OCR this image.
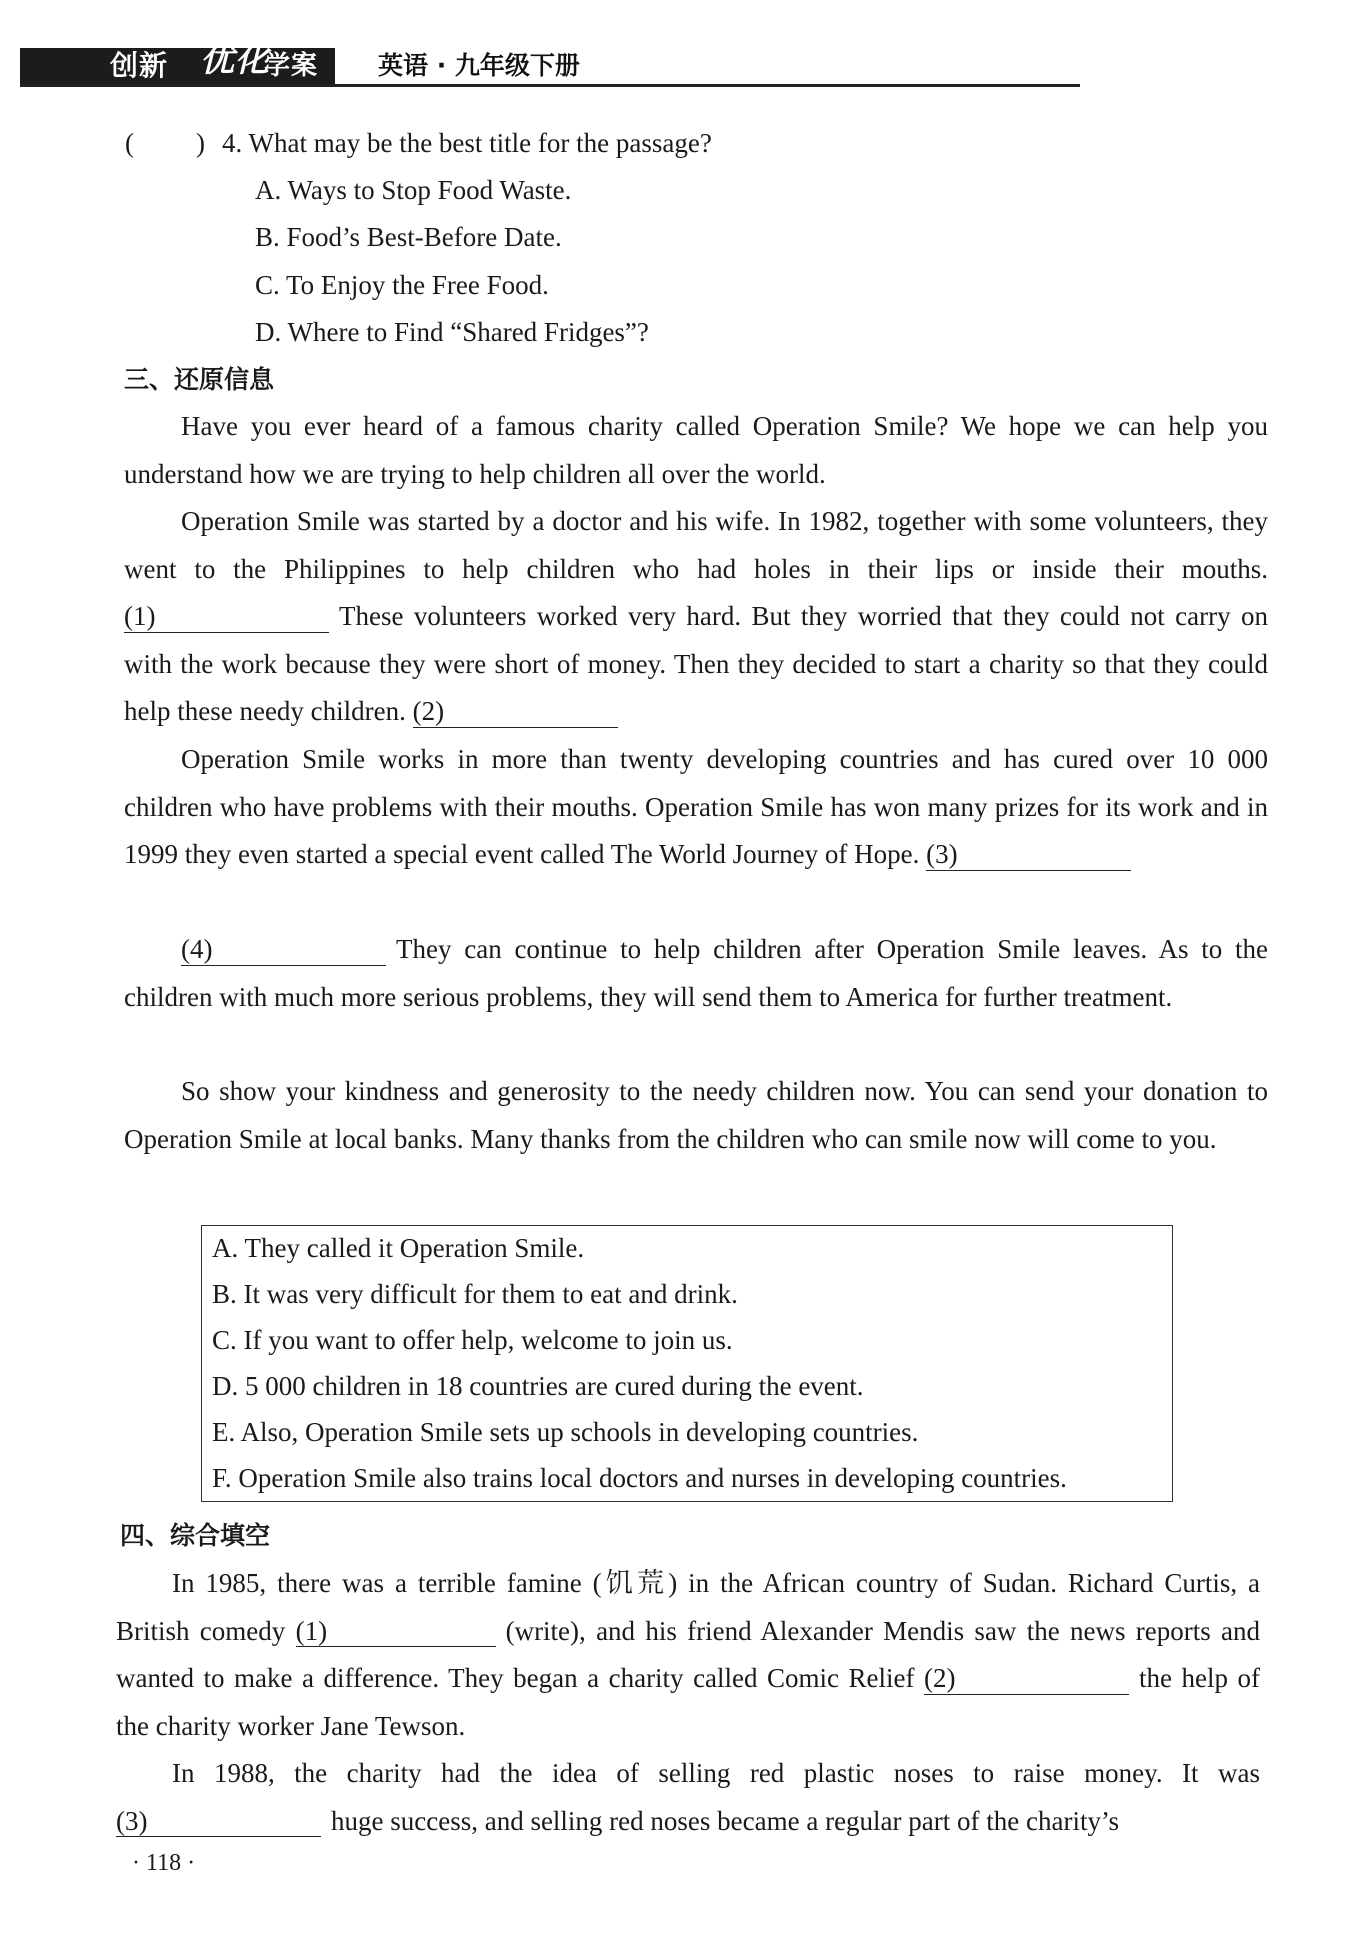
创新 优化
学案 英语 · 九年级下册
( ) 4. What may be the best title for the passage?
A. Ways to Stop Food Waste.
B. Food’s Best-Before Date.
C. To Enjoy the Free Food.
D. Where to Find “Shared Fridges”?
三、还原信息
Have you ever heard of a famous charity called Operation Smile? We hope we can help you understand how we are trying to help children all over the world.
Operation Smile was started by a doctor and his wife. In 1982, together with some volunteers, they went to the Philippines to help children who had holes in their lips or inside their mouths. (1)	These volunteers worked very hard. But they worried that they could not carry on with the work because they were short of money. Then they decided to start a charity so that they could help these needy children. (2)
Operation Smile works in more than twenty developing countries and has cured over 10 000 children who have problems with their mouths. Operation Smile has won many prizes for its work and in 1999 they even started a special event called The World Journey of Hope. (3)
(4)	They can continue to help children after Operation Smile leaves. As to the children with much more serious problems, they will send them to America for further treatment.
So show your kindness and generosity to the needy children now. You can send your donation to Operation Smile at local banks. Many thanks from the children who can smile now will come to you.
A. They called it Operation Smile.
B. It was very difficult for them to eat and drink.
C. If you want to offer help, welcome to join us.
D. 5 000 children in 18 countries are cured during the event.
E. Also, Operation Smile sets up schools in developing countries.
F. Operation Smile also trains local doctors and nurses in developing countries.
四、综合填空
In 1985, there was a terrible famine (饥荒) in the African country of Sudan. Richard Curtis, a British comedy (1)	(write), and his friend Alexander Mendis saw the news reports and wanted to make a difference. They began a charity called Comic Relief (2)	the help of the charity worker Jane Tewson.
In 1988, the charity had the idea of selling red plastic noses to raise money. It was (3)	huge success, and selling red noses became a regular part of the charity’s
· 118 ·
